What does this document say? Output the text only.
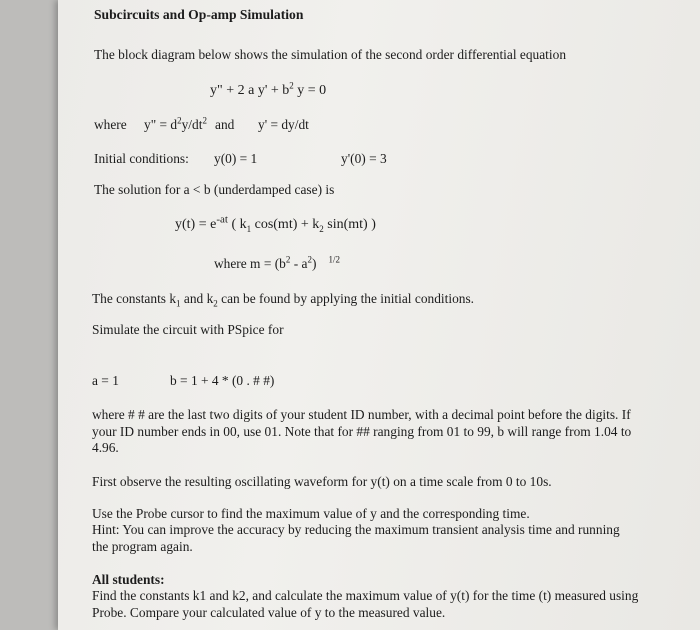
Subcircuits and Op-amp Simulation
The block diagram below shows the simulation of the second order differential equation
y" + 2 a $y' + b^2$ y = 0
where y" = $d^2y/dt^2$ and y' = dy/dt
Initial conditions: y(0) = 1	y'(0) = 3
The solution for a < b (underdamped case) is
$y(t) = e^{-at}$ ( $k_1$ $\cos(mt) + k_2$ sin(mt) )
where $m = (b^2 - a^2)$ $^{1/2}$
The constants $k_1$ and $k_2$ can be found by applying the initial conditions.
Simulate the circuit with PSpice for
a = 1	b = 1 + 4 * (0 . # #)
where # # are the last two digits of your student ID number, with a decimal point before the digits. If your ID number ends in 00, use 01. Note that for ## ranging from 01 to 99, b will range from 1.04 to 4.96.
First observe the resulting oscillating waveform for y(t) on a time scale from 0 to 10s.
Use the Probe cursor to find the maximum value of y and the corresponding time.
Hint: You can improve the accuracy by reducing the maximum transient analysis time and running the program again.
All students:
Find the constants k1 and k2, and calculate the maximum value of y(t) for the time (t) measured using Probe. Compare your calculated value of y to the measured value.
